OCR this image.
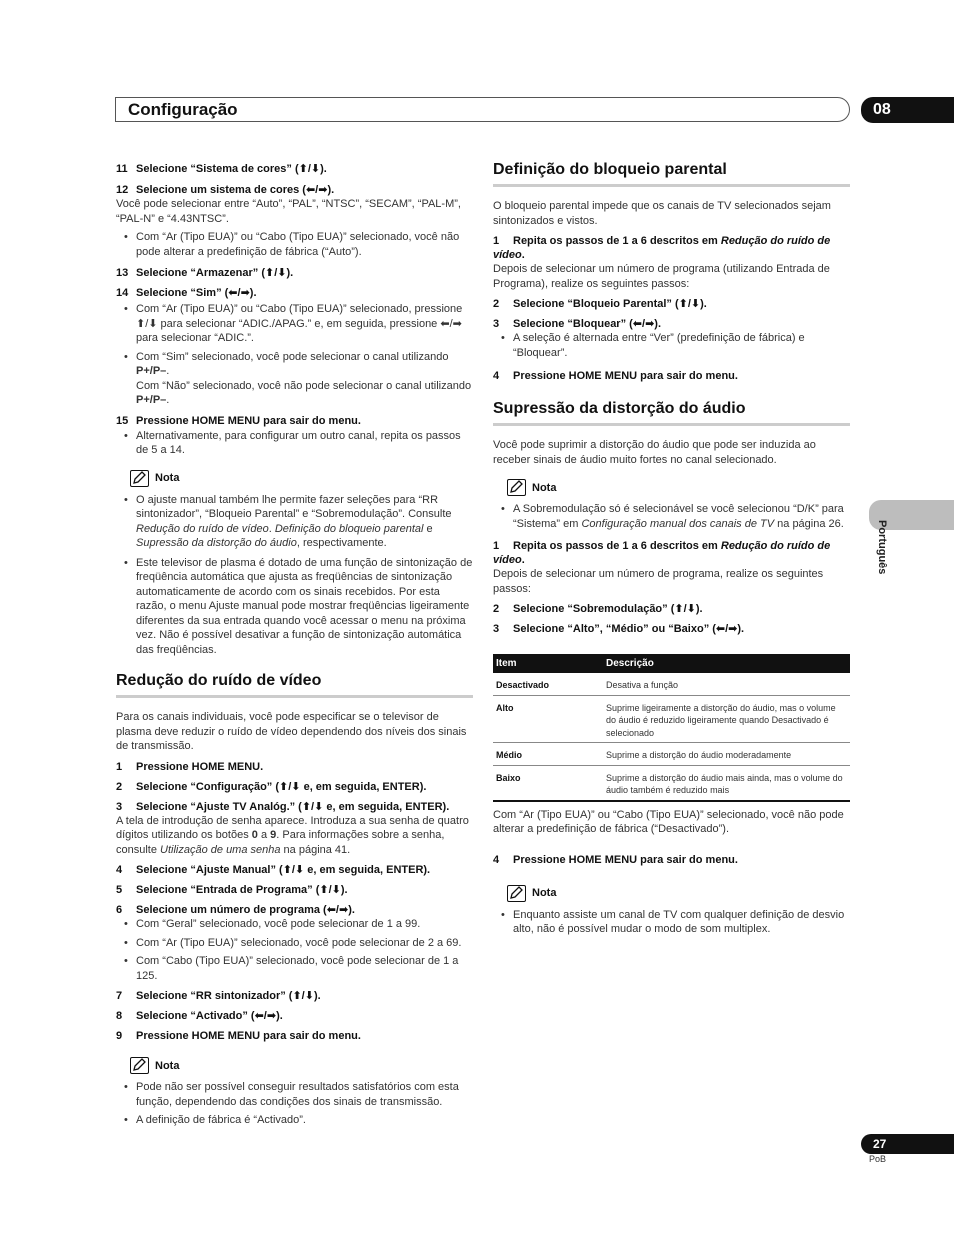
Configuração	08
Português
11 Selecione “Sistema de cores” (⬆/⬇).
12 Selecione um sistema de cores (⬅/➡).

Você pode selecionar entre “Auto”, “PAL”, “NTSC”, “SECAM”, “PAL-M”, “PAL-N” e “4.43NTSC”.

• Com “Ar (Tipo EUA)” ou “Cabo (Tipo EUA)” selecionado, você não pode alterar a predefinição de fábrica (“Auto”).
13 Selecione “Armazenar” (⬆/⬇).
14 Selecione “Sim” (⬅/➡).
• Com “Ar (Tipo EUA)” ou “Cabo (Tipo EUA)” selecionado, pressione ⬆/⬇ para selecionar “ADIC./APAG.” e, em seguida, pressione ⬅/➡ para selecionar “ADIC.”.
• Com “Sim” selecionado, você pode selecionar o canal utilizando P+/P–.
Com “Não” selecionado, você não pode selecionar o canal utilizando P+/P–.
15 Pressione HOME MENU para sair do menu.
• Alternativamente, para configurar um outro canal, repita os passos de 5 a 14.
Nota
• O ajuste manual também lhe permite fazer seleções para “RR sintonizador”, “Bloqueio Parental” e “Sobremodulação”. Consulte Redução do ruído de vídeo. Definição do bloqueio parental e Supressão da distorção do áudio, respectivamente.
• Este televisor de plasma é dotado de uma função de sintonização de freqüência automática que ajusta as freqüências de sintonização automaticamente de acordo com os sinais recebidos. Por esta razão, o menu Ajuste manual pode mostrar freqüências ligeiramente diferentes da sua entrada quando você acessar o menu na próxima vez. Não é possível desativar a função de sintonização automática das freqüências.
Redução do ruído de vídeo

Para os canais individuais, você pode especificar se o televisor de plasma deve reduzir o ruído de vídeo dependendo dos níveis dos sinais de transmissão.

1 Pressione HOME MENU.
2 Selecione “Configuração” (⬆/⬇ e, em seguida, ENTER).
3 Selecione “Ajuste TV Analóg.” (⬆/⬇ e, em seguida, ENTER).

A tela de introdução de senha aparece. Introduza a sua senha de quatro dígitos utilizando os botões 0 a 9. Para informações sobre a senha, consulte Utilização de uma senha na página 41.

4 Selecione “Ajuste Manual” (⬆/⬇ e, em seguida, ENTER).
5 Selecione “Entrada de Programa” (⬆/⬇).
6 Selecione um número de programa (⬅/➡).
• Com “Geral” selecionado, você pode selecionar de 1 a 99.
• Com “Ar (Tipo EUA)” selecionado, você pode selecionar de 2 a 69.
• Com “Cabo (Tipo EUA)” selecionado, você pode selecionar de 1 a 125.
7 Selecione “RR sintonizador” (⬆/⬇).
8 Selecione “Activado” (⬅/➡).
9 Pressione HOME MENU para sair do menu.
Nota
• Pode não ser possível conseguir resultados satisfatórios com esta função, dependendo das condições dos sinais de transmissão.
• A definição de fábrica é “Activado”.
Definição do bloqueio parental

O bloqueio parental impede que os canais de TV selecionados sejam sintonizados e vistos.

1 Repita os passos de 1 a 6 descritos em Redução do ruído de vídeo.

Depois de selecionar um número de programa (utilizando Entrada de Programa), realize os seguintes passos:

2 Selecione “Bloqueio Parental” (⬆/⬇).
3 Selecione “Bloquear” (⬅/➡).
• A seleção é alternada entre “Ver” (predefinição de fábrica) e “Bloquear”.
4 Pressione HOME MENU para sair do menu.
Supressão da distorção do áudio

Você pode suprimir a distorção do áudio que pode ser induzida ao receber sinais de áudio muito fortes no canal selecionado.

Nota
• A Sobremodulação só é selecionável se você selecionou “D/K” para “Sistema” em Configuração manual dos canais de TV na página 26.
1 Repita os passos de 1 a 6 descritos em Redução do ruído de vídeo.

Depois de selecionar um número de programa, realize os seguintes passos:

2 Selecione “Sobremodulação” (⬆/⬇).
3 Selecione “Alto”, “Médio” ou “Baixo” (⬅/➡).
Item	Descrição
Desactivado	Desativa a função
Alto	Suprime ligeiramente a distorção do áudio, mas o volume do áudio é reduzido ligeiramente quando Desactivado é selecionado
Médio	Suprime a distorção do áudio moderadamente
Baixo	Suprime a distorção do áudio mais ainda, mas o volume do áudio também é reduzido mais

Com “Ar (Tipo EUA)” ou “Cabo (Tipo EUA)” selecionado, você não pode alterar a predefinição de fábrica (“Desactivado”).

4 Pressione HOME MENU para sair do menu.
Nota
• Enquanto assiste um canal de TV com qualquer definição de desvio alto, não é possível mudar o modo de som multiplex.
27
PoB
